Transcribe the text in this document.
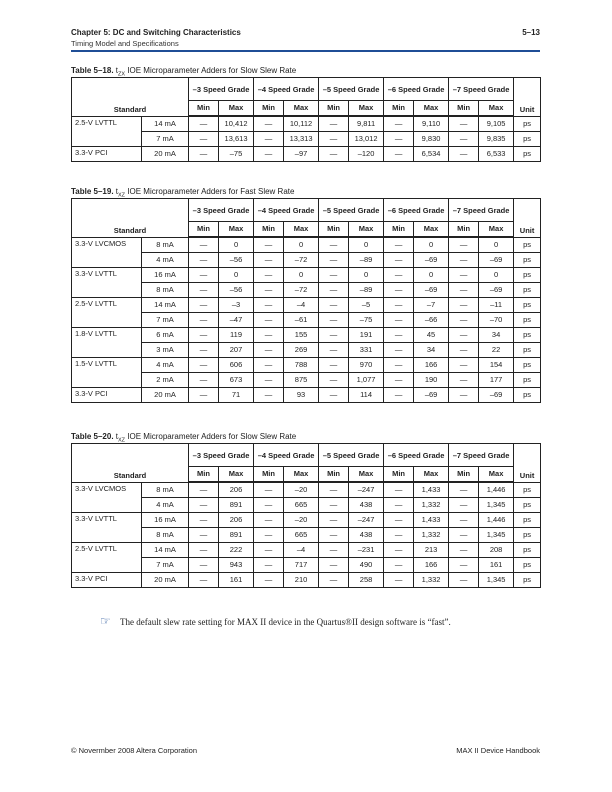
Chapter 5: DC and Switching Characteristics
Timing Model and Specifications
5–13
Table 5–18. $t_{ZX}$ IOE Microparameter Adders for Slow Slew Rate
Standard		–3 Speed Grade		–4 Speed Grade		–5 Speed Grade		–6 Speed Grade		–7 Speed Grade		Unit
		Min	Max	Min	Max	Min	Max	Min	Max	Min	Max	
2.5-V LVTTL	14 mA	—	10,412	—	10,112	—	9,811	—	9,110	—	9,105	ps
	7 mA	—	13,613	—	13,313	—	13,012	—	9,830	—	9,835	ps
3.3-V PCI	20 mA	—	–75	—	–97	—	–120	—	6,534	—	6,533	ps
Table 5–19. $t_{XZ}$ IOE Microparameter Adders for Fast Slew Rate
Standard		–3 Speed Grade		–4 Speed Grade		–5 Speed Grade		–6 Speed Grade		–7 Speed Grade		Unit
		Min	Max	Min	Max	Min	Max	Min	Max	Min	Max	
3.3-V LVCMOS	8 mA	—	0	—	0	—	0	—	0	—	0	ps
	4 mA	—	–56	—	–72	—	–89	—	–69	—	–69	ps
3.3-V LVTTL	16 mA	—	0	—	0	—	0	—	0	—	0	ps
	8 mA	—	–56	—	–72	—	–89	—	–69	—	–69	ps
2.5-V LVTTL	14 mA	—	–3	—	–4	—	–5	—	–7	—	–11	ps
	7 mA	—	–47	—	–61	—	–75	—	–66	—	–70	ps
1.8-V LVTTL	6 mA	—	119	—	155	—	191	—	45	—	34	ps
	3 mA	—	207	—	269	—	331	—	34	—	22	ps
1.5-V LVTTL	4 mA	—	606	—	788	—	970	—	166	—	154	ps
	2 mA	—	673	—	875	—	1,077	—	190	—	177	ps
3.3-V PCI	20 mA	—	71	—	93	—	114	—	–69	—	–69	ps
Table 5–20. $t_{XZ}$ IOE Microparameter Adders for Slow Slew Rate
Standard		–3 Speed Grade		–4 Speed Grade		–5 Speed Grade		–6 Speed Grade		–7 Speed Grade		Unit
		Min	Max	Min	Max	Min	Max	Min	Max	Min	Max	
3.3-V LVCMOS	8 mA	—	206	—	–20	—	–247	—	1,433	—	1,446	ps
	4 mA	—	891	—	665	—	438	—	1,332	—	1,345	ps
3.3-V LVTTL	16 mA	—	206	—	–20	—	–247	—	1,433	—	1,446	ps
	8 mA	—	891	—	665	—	438	—	1,332	—	1,345	ps
2.5-V LVTTL	14 mA	—	222	—	–4	—	–231	—	213	—	208	ps
	7 mA	—	943	—	717	—	490	—	166	—	161	ps
3.3-V PCI	20 mA	—	161	—	210	—	258	—	1,332	—	1,345	ps
☞ The default slew rate setting for MAX II device in the Quartus®II design software is “fast”.
© Novermber 2008 Altera Corporation	MAX II Device Handbook
